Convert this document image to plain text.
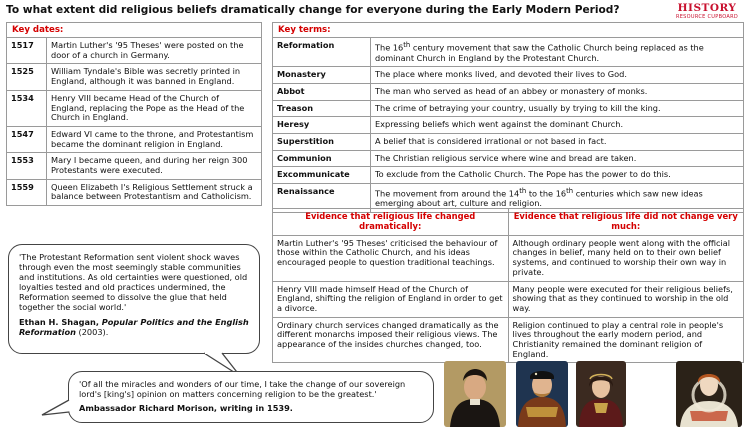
To what extent did religious beliefs dramatically change for everyone during the Early Modern Period?	HISTORY
RESOURCE CUPBOARD
Key dates:	
1517	Martin Luther's '95 Theses' were posted on the door of a church in Germany.
1525	William Tyndale's Bible was secretly printed in England, although it was banned in England.
1534	Henry VIII became Head of the Church of England, replacing the Pope as the Head of the Church in England.
1547	Edward VI came to the throne, and Protestantism became the dominant religion in England.
1553	Mary I became queen, and during her reign 300 Protestants were executed.
1559	Queen Elizabeth I's Religious Settlement struck a balance between Protestantism and Catholicism.
Key terms:	
Reformation	The 16th century movement that saw the Catholic Church being replaced as the dominant Church in England by the Protestant Church.
Monastery	The place where monks lived, and devoted their lives to God.
Abbot	The man who served as head of an abbey or monastery of monks.
Treason	The crime of betraying your country, usually by trying to kill the king.
Heresy	Expressing beliefs which went against the dominant Church.
Superstition	A belief that is considered irrational or not based in fact.
Communion	The Christian religious service where wine and bread are taken.
Excommunicate	To exclude from the Catholic Church. The Pope has the power to do this.
Renaissance	The movement from around the 14th to the 16th centuries which saw new ideas emerging about art, culture and religion.
Evidence that religious life changed dramatically:	Evidence that religious life did not change very much:
Martin Luther's '95 Theses' criticised the behaviour of those within the Catholic Church, and his ideas encouraged people to question traditional teachings.	Although ordinary people went along with the official changes in belief, many held on to their own belief systems, and continued to worship their own way in private.
Henry VIII made himself Head of the Church of England, shifting the religion of England in order to get a divorce.	Many people were executed for their religious beliefs, showing that as they continued to worship in the old way.
Ordinary church services changed dramatically as the different monarchs imposed their religious views. The appearance of the insides churches changed, too.	Religion continued to play a central role in people's lives throughout the early modern period, and Christianity remained the dominant religion of England.
'The Protestant Reformation sent violent shock waves through even the most seemingly stable communities and institutions. As old certainties were questioned, old loyalties tested and old practices undermined, the Reformation seemed to dissolve the glue that held together the social world.'
Ethan H. Shagan, Popular Politics and the English Reformation (2003).
'Of all the miracles and wonders of our time, I take the change of our sovereign lord's [king's] opinion on matters concerning religion to be the greatest.'
Ambassador Richard Morison, writing in 1539.
